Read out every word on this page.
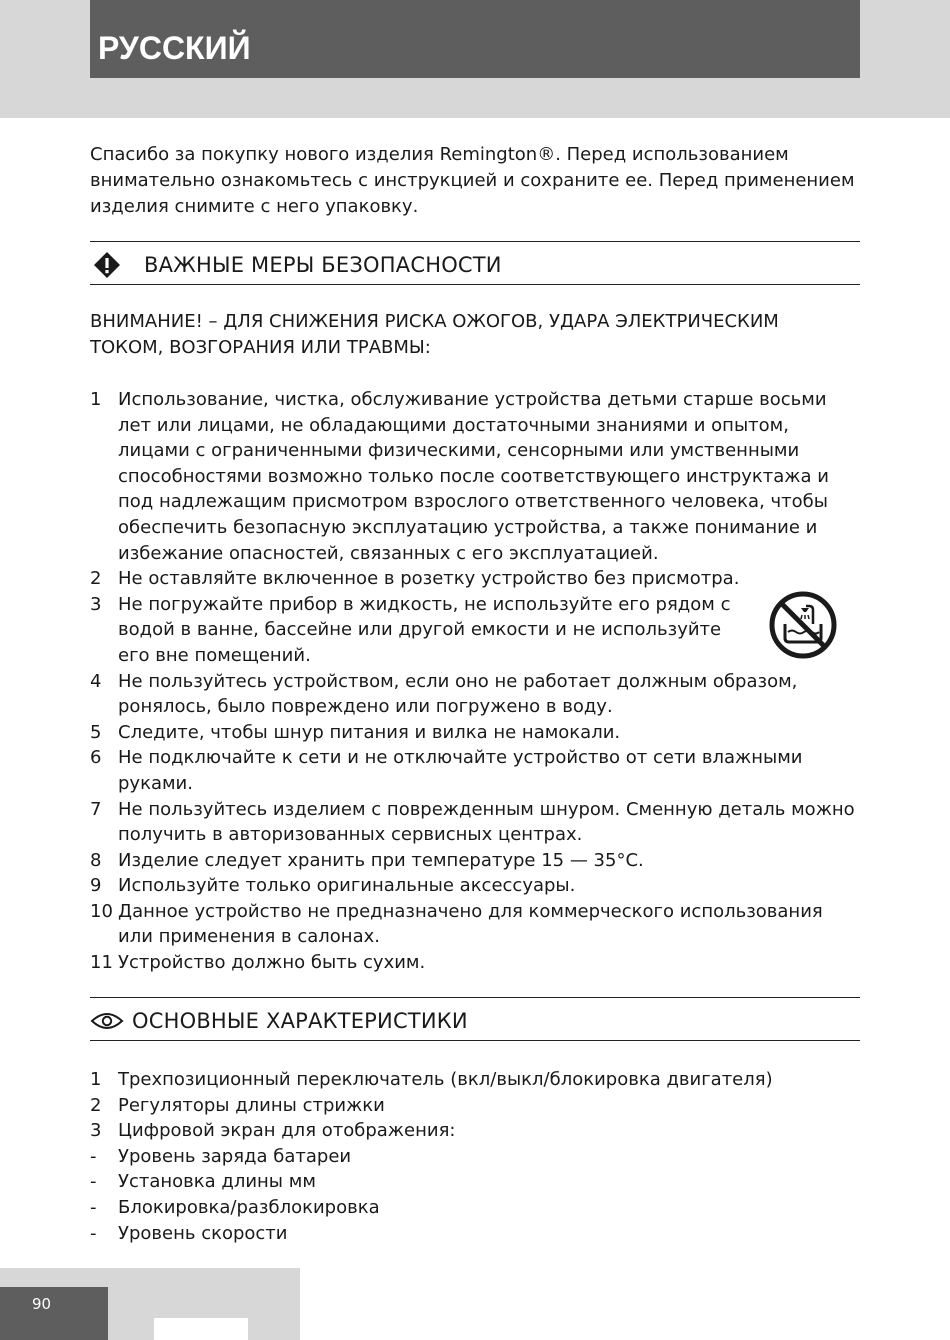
РУССКИЙ

Спасибо за покупку нового изделия Remington®. Перед использованием внимательно ознакомьтесь с инструкцией и сохраните ее. Перед применением изделия снимите с него упаковку.

ВАЖНЫЕ МЕРЫ БЕЗОПАСНОСТИ

ВНИМАНИЕ! – ДЛЯ СНИЖЕНИЯ РИСКА ОЖОГОВ, УДАРА ЭЛЕКТРИЧЕСКИМ ТОКОМ, ВОЗГОРАНИЯ ИЛИ ТРАВМЫ:

1 Использование, чистка, обслуживание устройства детьми старше восьми лет или лицами, не обладающими достаточными знаниями и опытом, лицами с ограниченными физическими, сенсорными или умственными способностями возможно только после соответствующего инструктажа и под надлежащим присмотром взрослого ответственного человека, чтобы обеспечить безопасную эксплуатацию устройства, а также понимание и избежание опасностей, связанных с его эксплуатацией.
2 Не оставляйте включенное в розетку устройство без присмотра.
3 Не погружайте прибор в жидкость, не используйте его рядом с водой в ванне, бассейне или другой емкости и не используйте его вне помещений.
4 Не пользуйтесь устройством, если оно не работает должным образом, ронялось, было повреждено или погружено в воду.
5 Следите, чтобы шнур питания и вилка не намокали.
6 Не подключайте к сети и не отключайте устройство от сети влажными руками.
7 Не пользуйтесь изделием с поврежденным шнуром. Сменную деталь можно получить в авторизованных сервисных центрах.
8 Изделие следует хранить при температуре 15 — 35°C.
9 Используйте только оригинальные аксессуары.
10 Данное устройство не предназначено для коммерческого использования или применения в салонах.
11 Устройство должно быть сухим.
ОСНОВНЫЕ ХАРАКТЕРИСТИКИ
1 Трехпозиционный переключатель (вкл/выкл/блокировка двигателя)
2 Регуляторы длины стрижки
3 Цифровой экран для отображения:
- Уровень заряда батареи
- Установка длины мм
- Блокировка/разблокировка
- Уровень скорости
90
